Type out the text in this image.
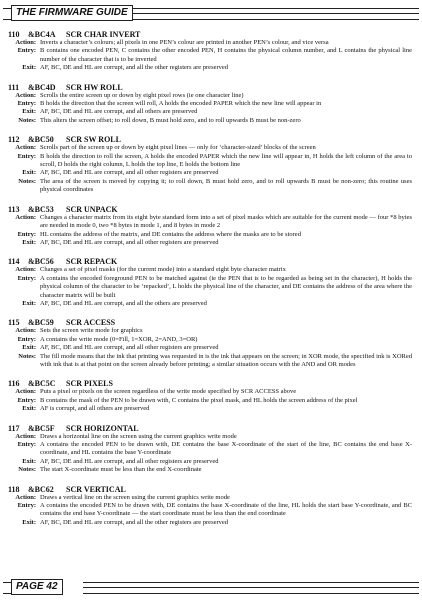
THE FIRMWARE GUIDE
110 &BC4A SCR CHAR INVERT
Action: Inverts a character’s colours; all pixels in one PEN’s colour are printed in another PEN’s colour, and vice versa
Entry: B contains one encoded PEN, C contains the other encoded PEN, H contains the physical column number, and L contains the physical line number of the character that is to be inverted
Exit: AF, BC, DE and HL are corrupt, and all the other registers are preserved
111 &BC4D SCR HW ROLL
Action: Scrolls the entire screen up or down by eight pixel rows (ie one character line)
Entry: B holds the direction that the screen will roll, A holds the encoded PAPER which the new line will appear in
Exit: AF, BC, DE and HL are corrupt, and all others are preserved
Notes: This alters the screen offset; to roll down, B must hold zero, and to roll upwards B must be non-zero
112 &BC50 SCR SW ROLL
Action: Scrolls part of the screen up or down by eight pixel lines — only for ‘character-sized’ blocks of the screen
Entry: B holds the direction to roll the screen, A holds the encoded PAPER which the new line will appear in, H holds the left column of the area to scroll, D holds the right column, L holds the top line, E holds the bottom line
Exit: AF, BC, DE and HL are corrupt, and all other registers are preserved
Notes: The area of the screen is moved by copying it; to roll down, B must hold zero, and to roll upwards B must be non-zero; this routine uses physical coordinates
113 &BC53 SCR UNPACK
Action: Changes a character matrix from its eight byte standard form into a set of pixel masks which are suitable for the current mode — four *8 bytes are needed in mode 0, two *8 bytes in mode 1, and 8 bytes in mode 2
Entry: HL contains the address of the matrix, and DE contains the address where the masks are to be stored
Exit: AF, BC, DE and HL are corrupt, and all other registers are preserved
114 &BC56 SCR REPACK
Action: Changes a set of pixel masks (for the current mode) into a standard eight byte character matrix
Entry: A contains the encoded foreground PEN to be matched against (ie the PEN that is to be regarded as being set in the character), H holds the physical column of the character to be ‘repacked’, L holds the physical line of the character, and DE contains the address of the area where the character matrix will be built
Exit: AF, BC, DE and HL are corrupt, and all the others are preserved
115 &BC59 SCR ACCESS
Action: Sets the screen write mode for graphics
Entry: A contains the write mode (0=Fill, 1=XOR, 2=AND, 3=OR)
Exit: AF, BC, DE and HL are corrupt, and all other registers are preserved
Notes: The fill mode means that the ink that printing was requested in is the ink that appears on the screen; in XOR mode, the specified ink is XORed with ink that is at that point on the screen already before printing; a similar situation occurs with the AND and OR modes
116 &BC5C SCR PIXELS
Action: Puts a pixel or pixels on the screen regardless of the write mode specified by SCR ACCESS above
Entry: B contains the mask of the PEN to be drawn with, C contains the pixel mask, and HL holds the screen address of the pixel
Exit: AF is corrupt, and all others are preserved
117 &BC5F SCR HORIZONTAL
Action: Draws a horizontal line on the screen using the current graphics write mode
Entry: A contains the encoded PEN to be drawn with, DE contains the base X-coordinate of the start of the line, BC contains the end base X-coordinate, and HL contains the base Y-coordinate
Exit: AF, BC, DE and HL are corrupt, and all other registers are preserved
Notes: The start X-coordinate must be less than the end X-coordinate
118 &BC62 SCR VERTICAL
Action: Draws a vertical line on the screen using the current graphics write mode
Entry: A contains the encoded PEN to be drawn with, DE contains the base X-coordinate of the line, HL holds the start base Y-coordinate, and BC contains the end base Y-coordinate — the start coordinate must be less than the end coordinate
Exit: AF, BC, DE and HL are corrupt, and all the other registers are preserved
PAGE 42
